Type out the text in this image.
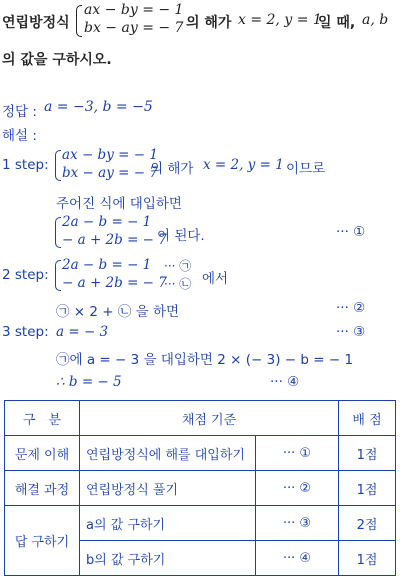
연립방정식
ax − by = − 1
bx − ay = − 7 의 해가 x = 2, y = 1
일 때, a, b
의 값을 구하시오.
정답 : a = −3, b = −5
해설 :
1 step:
ax − by = − 1
bx − ay = − 7
의 해가 x = 2, y = 1 이므로
주어진 식에 대입하면
2a − b = − 1
− a + 2b = − 7
이 된다.	··· ①
2 step:
2a − b = − 1
− a + 2b = − 7
··· ㉠
··· ㉡ 에서
㉠ × 2 + ㉡ 을 하면	··· ②
3 step: a = − 3	··· ③
㉠에 a = − 3 을 대입하면 2 × (− 3) − b = − 1
∴ b = − 5	··· ④
구　분	채점 기준		배 점
문제 이해	연립방정식에 해를 대입하기	··· ①	1점
해결 과정	연립방정식 풀기	··· ②	1점
답 구하기	a의 값 구하기	··· ③	2점
	b의 값 구하기	··· ④	1점
